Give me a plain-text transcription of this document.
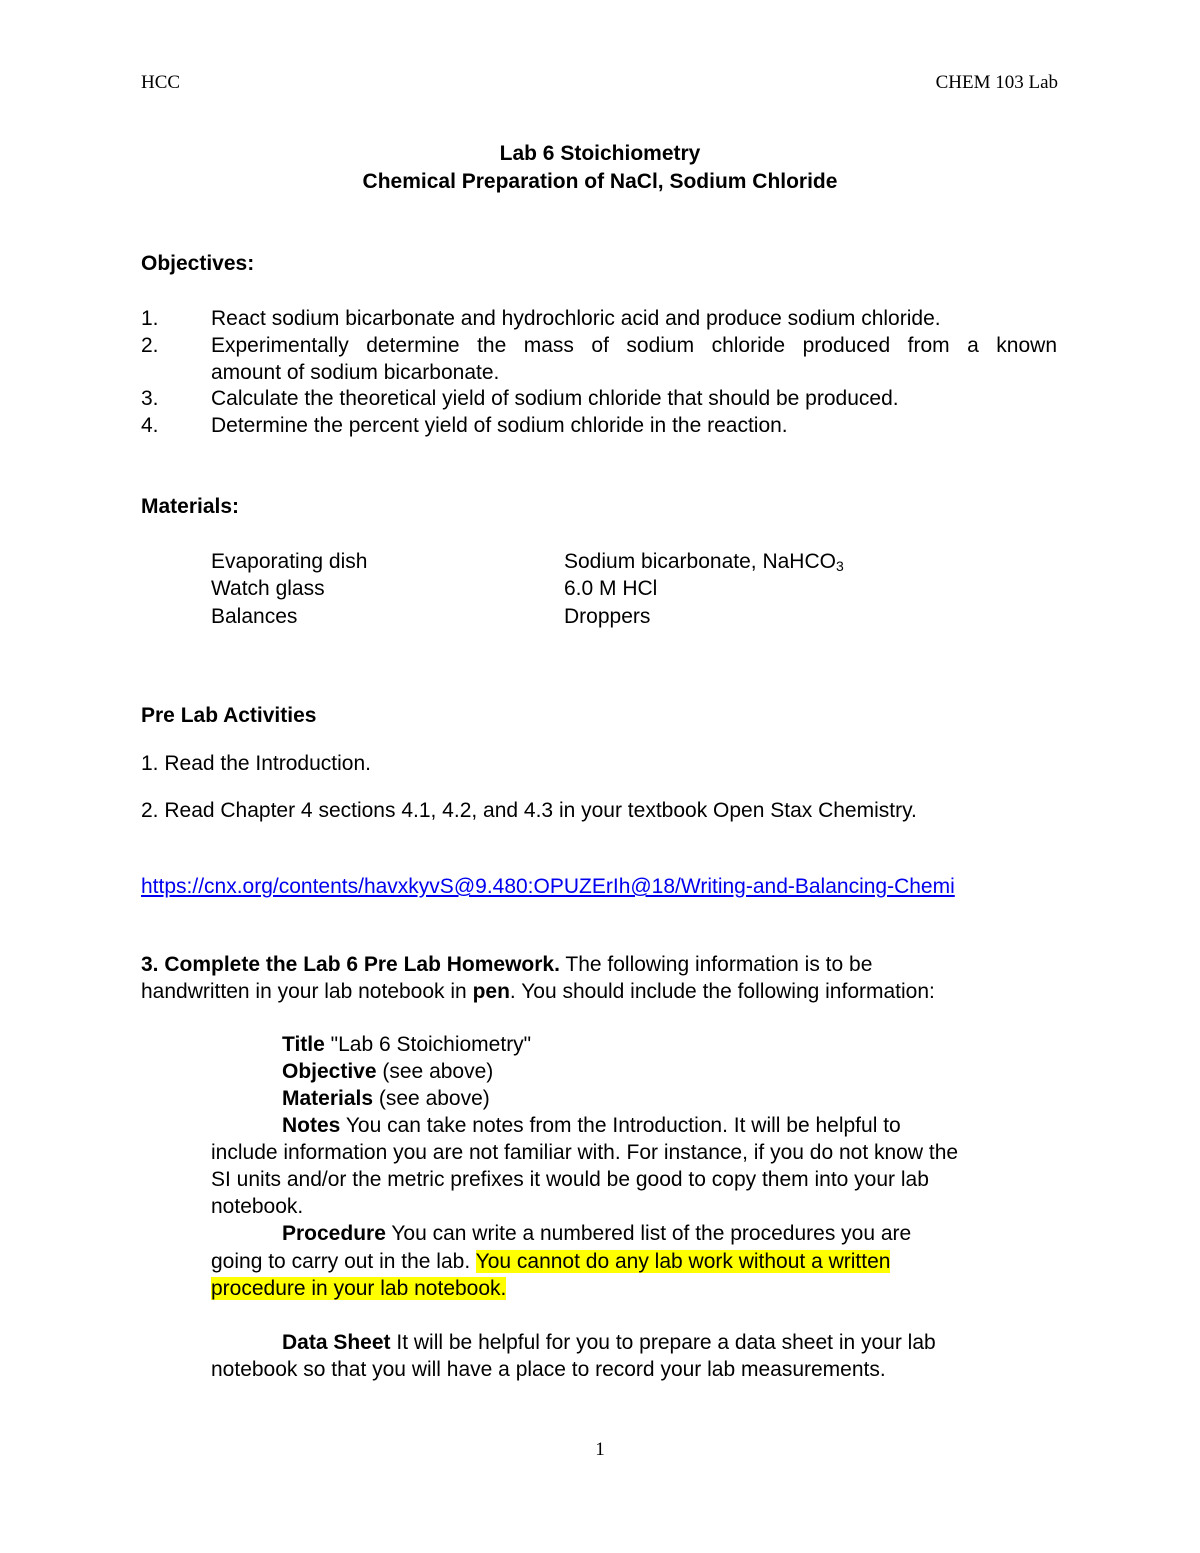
HCC	CHEM 103 Lab
Lab 6 Stoichiometry
Chemical Preparation of NaCl, Sodium Chloride
Objectives:
1. React sodium bicarbonate and hydrochloric acid and produce sodium chloride.
2. Experimentally determine the mass of sodium chloride produced from a known
amount of sodium bicarbonate.
3. Calculate the theoretical yield of sodium chloride that should be produced.
4. Determine the percent yield of sodium chloride in the reaction.
Materials:
Evaporating dish
Watch glass
Balances
Sodium bicarbonate, NaHCO$_3$
6.0 M HCl
Droppers
Pre Lab Activities
1. Read the Introduction.
2. Read Chapter 4 sections 4.1, 4.2, and 4.3 in your textbook Open Stax Chemistry.
https://cnx.org/contents/havxkyvS@9.480:OPUZErIh@18/Writing-and-Balancing-Chemi
3. Complete the Lab 6 Pre Lab Homework. The following information is to be
handwritten in your lab notebook in pen. You should include the following information:
Title "Lab 6 Stoichiometry"
Objective (see above)
Materials (see above)
Notes You can take notes from the Introduction. It will be helpful to
include information you are not familiar with. For instance, if you do not know the
SI units and/or the metric prefixes it would be good to copy them into your lab
notebook.
Procedure You can write a numbered list of the procedures you are
going to carry out in the lab. You cannot do any lab work without a written
procedure in your lab notebook.
Data Sheet It will be helpful for you to prepare a data sheet in your lab
notebook so that you will have a place to record your lab measurements.
1
